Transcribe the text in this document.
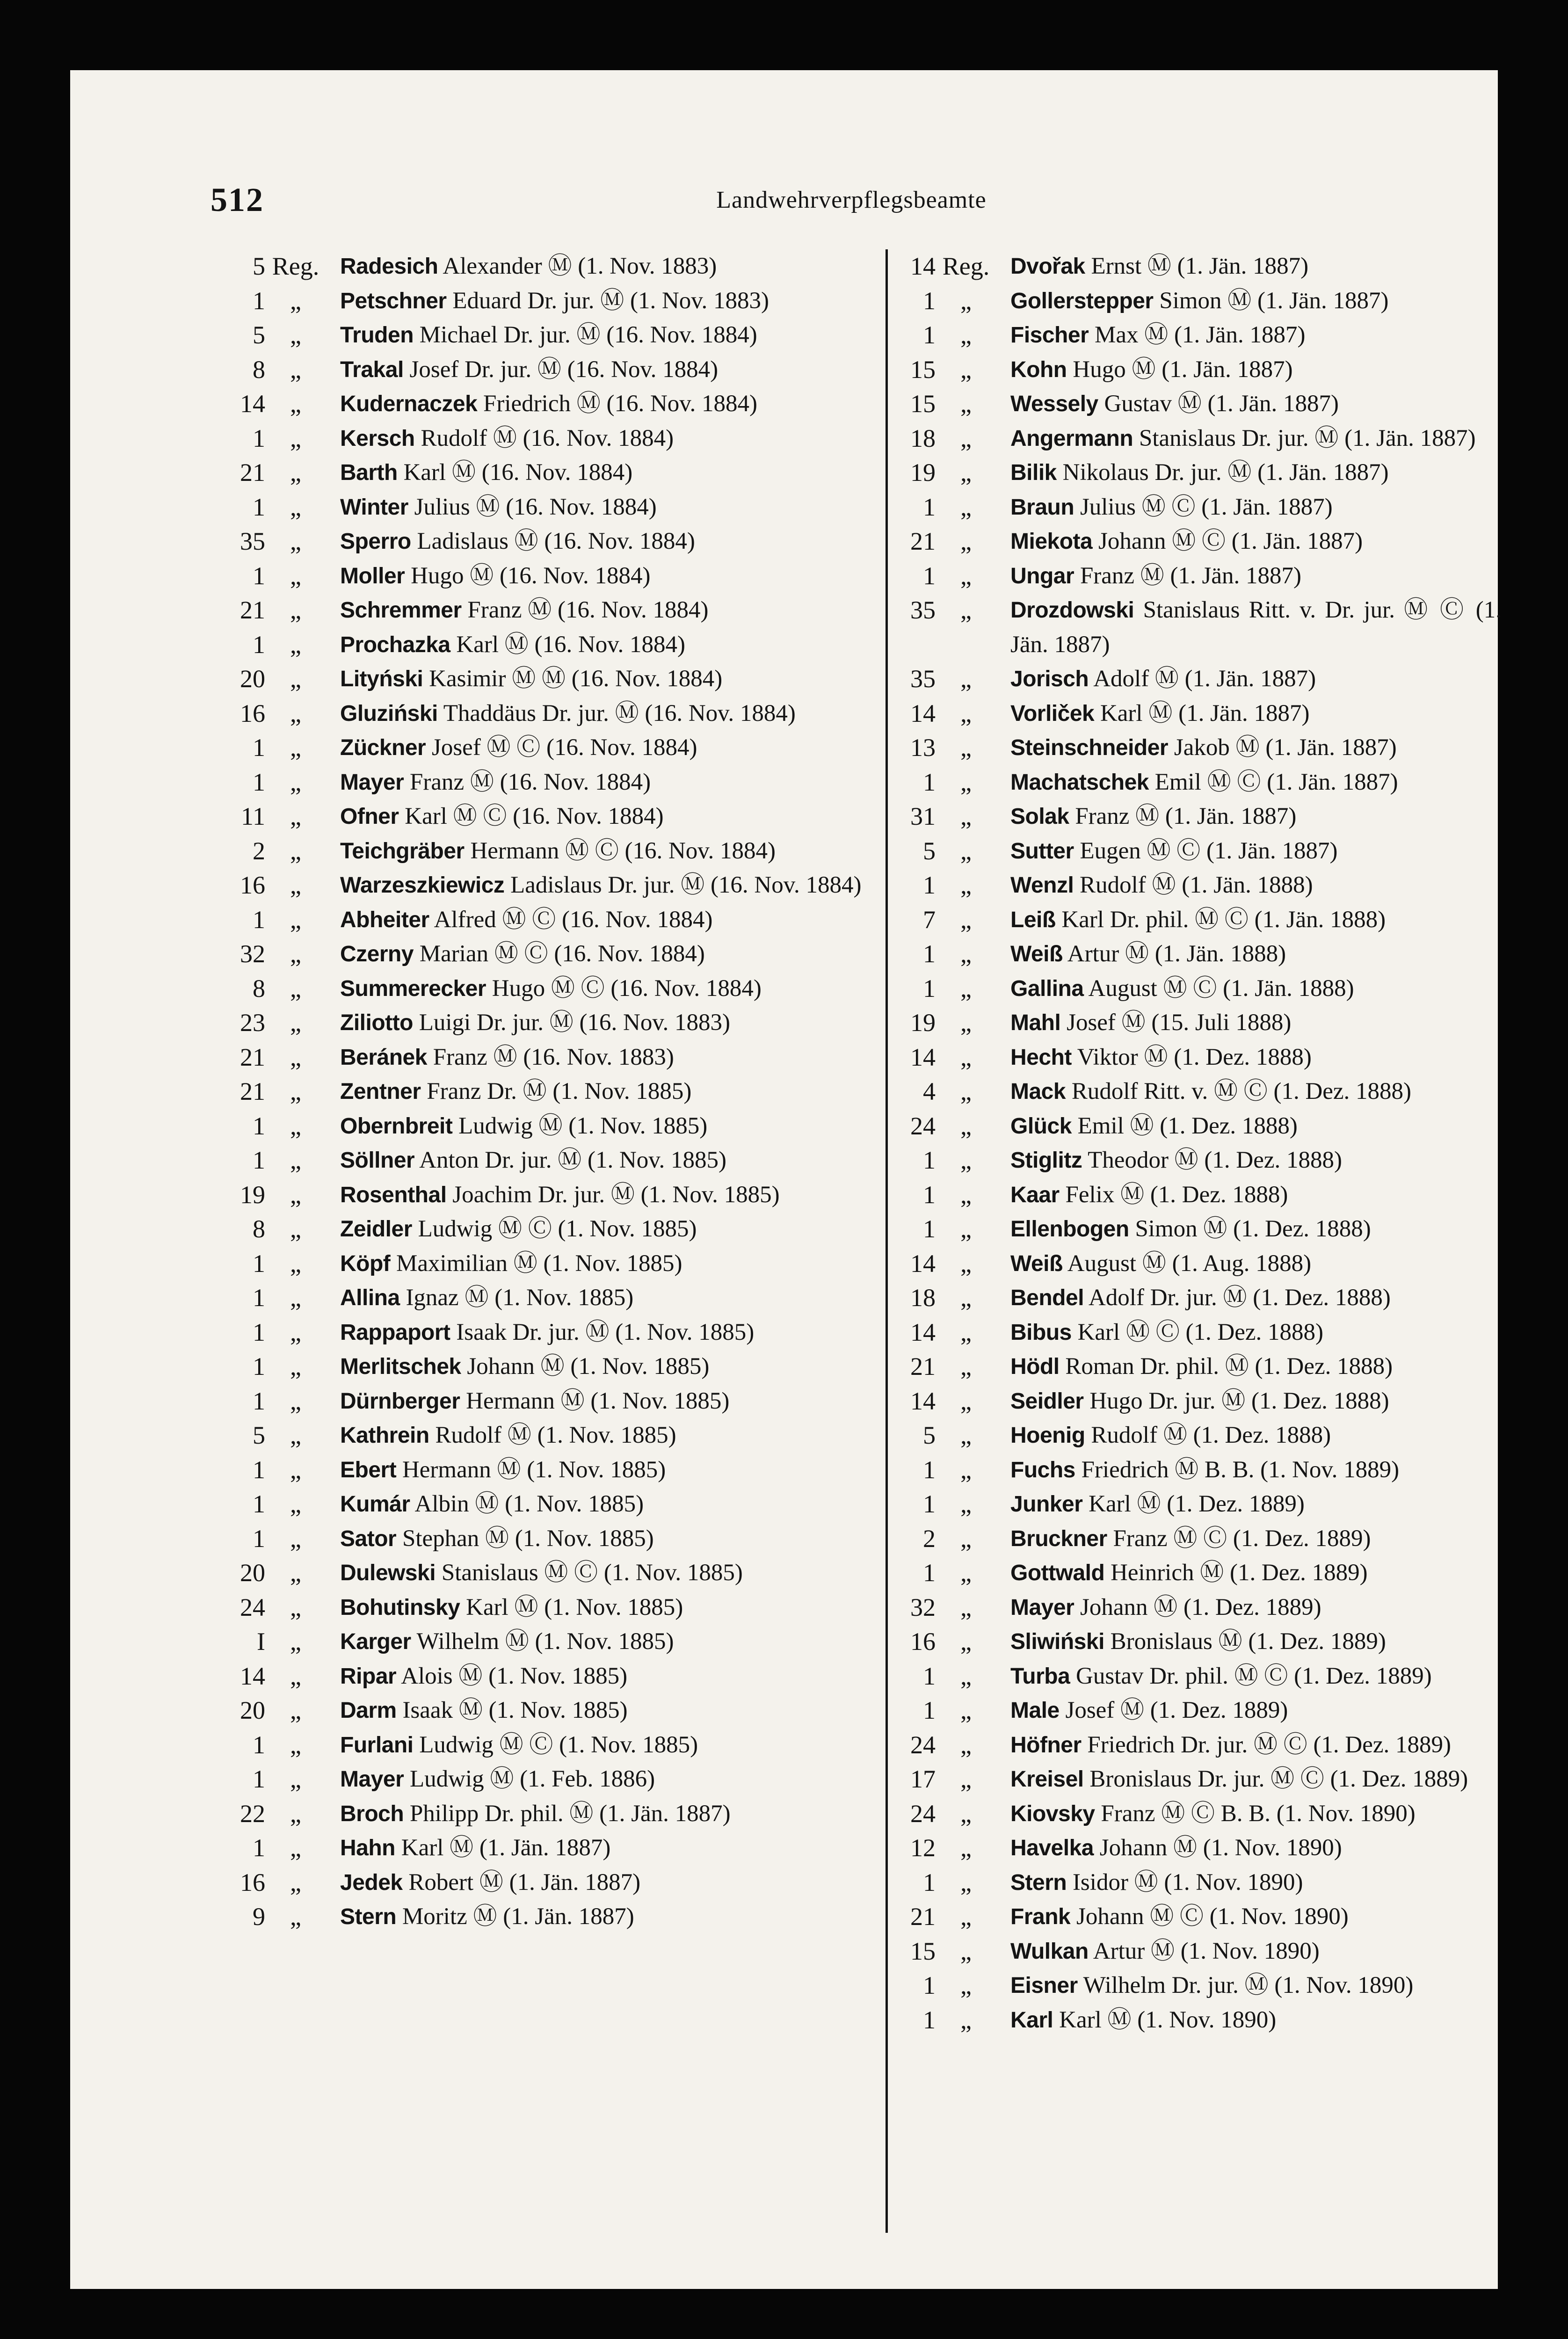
512	Landwehrverpflegsbeamte
5 Reg. Radesich Alexander Ⓜ (1. Nov. 1883)
1 „	Petschner Eduard Dr. jur. Ⓜ (1. Nov. 1883)
5 „	Truden Michael Dr. jur. Ⓜ (16. Nov. 1884)
8 „	Trakal Josef Dr. jur. Ⓜ (16. Nov. 1884)
14 „	Kudernaczek Friedrich Ⓜ (16. Nov. 1884)
1 „	Kersch Rudolf Ⓜ (16. Nov. 1884)
21 „	Barth Karl Ⓜ (16. Nov. 1884)
1 „	Winter Julius Ⓜ (16. Nov. 1884)
35 „	Sperro Ladislaus Ⓜ (16. Nov. 1884)
1 „	Moller Hugo Ⓜ (16. Nov. 1884)
21 „	Schremmer Franz Ⓜ (16. Nov. 1884)
1 „	Prochazka Karl Ⓜ (16. Nov. 1884)
20 „	Lityński Kasimir Ⓜ Ⓜ (16. Nov. 1884)
16 „	Gluziński Thaddäus Dr. jur. Ⓜ (16. Nov. 1884)
1 „	Zückner Josef Ⓜ Ⓒ (16. Nov. 1884)
1 „	Mayer Franz Ⓜ (16. Nov. 1884)
11 „	Ofner Karl Ⓜ Ⓒ (16. Nov. 1884)
2 „	Teichgräber Hermann Ⓜ Ⓒ (16. Nov. 1884)
16 „	Warzeszkiewicz Ladislaus Dr. jur. Ⓜ (16. Nov. 1884)
1 „	Abheiter Alfred Ⓜ Ⓒ (16. Nov. 1884)
32 „	Czerny Marian Ⓜ Ⓒ (16. Nov. 1884)
8 „	Summerecker Hugo Ⓜ Ⓒ (16. Nov. 1884)
23 „	Ziliotto Luigi Dr. jur. Ⓜ (16. Nov. 1883)
21 „	Beránek Franz Ⓜ (16. Nov. 1883)
21 „	Zentner Franz Dr. Ⓜ (1. Nov. 1885)
1 „	Obernbreit Ludwig Ⓜ (1. Nov. 1885)
1 „	Söllner Anton Dr. jur. Ⓜ (1. Nov. 1885)
19 „	Rosenthal Joachim Dr. jur. Ⓜ (1. Nov. 1885)
8 „	Zeidler Ludwig Ⓜ Ⓒ (1. Nov. 1885)
1 „	Köpf Maximilian Ⓜ (1. Nov. 1885)
1 „	Allina Ignaz Ⓜ (1. Nov. 1885)
1 „	Rappaport Isaak Dr. jur. Ⓜ (1. Nov. 1885)
1 „	Merlitschek Johann Ⓜ (1. Nov. 1885)
1 „	Dürnberger Hermann Ⓜ (1. Nov. 1885)
5 „	Kathrein Rudolf Ⓜ (1. Nov. 1885)
1 „	Ebert Hermann Ⓜ (1. Nov. 1885)
1 „	Kumár Albin Ⓜ (1. Nov. 1885)
1 „	Sator Stephan Ⓜ (1. Nov. 1885)
20 „	Dulewski Stanislaus Ⓜ Ⓒ (1. Nov. 1885)
24 „	Bohutinsky Karl Ⓜ (1. Nov. 1885)
I „	Karger Wilhelm Ⓜ (1. Nov. 1885)
14 „	Ripar Alois Ⓜ (1. Nov. 1885)
20 „	Darm Isaak Ⓜ (1. Nov. 1885)
1 „	Furlani Ludwig Ⓜ Ⓒ (1. Nov. 1885)
1 „	Mayer Ludwig Ⓜ (1. Feb. 1886)
22 „	Broch Philipp Dr. phil. Ⓜ (1. Jän. 1887)
1 „	Hahn Karl Ⓜ (1. Jän. 1887)
16 „	Jedek Robert Ⓜ (1. Jän. 1887)
9 „	Stern Moritz Ⓜ (1. Jän. 1887)
14 Reg. Dvořak Ernst Ⓜ (1. Jän. 1887)
1 „	Gollerstepper Simon Ⓜ (1. Jän. 1887)
1 „	Fischer Max Ⓜ (1. Jän. 1887)
15 „	Kohn Hugo Ⓜ (1. Jän. 1887)
15 „	Wessely Gustav Ⓜ (1. Jän. 1887)
18 „	Angermann Stanislaus Dr. jur. Ⓜ (1. Jän. 1887)
19 „	Bilik Nikolaus Dr. jur. Ⓜ (1. Jän. 1887)
1 „	Braun Julius Ⓜ Ⓒ (1. Jän. 1887)
21 „	Miekota Johann Ⓜ Ⓒ (1. Jän. 1887)
1 „	Ungar Franz Ⓜ (1. Jän. 1887)
35 „	Drozdowski Stanislaus Ritt. v. Dr. jur. Ⓜ Ⓒ (1. Jän. 1887)
35 „	Jorisch Adolf Ⓜ (1. Jän. 1887)
14 „	Vorliček Karl Ⓜ (1. Jän. 1887)
13 „	Steinschneider Jakob Ⓜ (1. Jän. 1887)
1 „	Machatschek Emil Ⓜ Ⓒ (1. Jän. 1887)
31 „	Solak Franz Ⓜ (1. Jän. 1887)
5 „	Sutter Eugen Ⓜ Ⓒ (1. Jän. 1887)
1 „	Wenzl Rudolf Ⓜ (1. Jän. 1888)
7 „	Leiß Karl Dr. phil. Ⓜ Ⓒ (1. Jän. 1888)
1 „	Weiß Artur Ⓜ (1. Jän. 1888)
1 „	Gallina August Ⓜ Ⓒ (1. Jän. 1888)
19 „	Mahl Josef Ⓜ (15. Juli 1888)
14 „	Hecht Viktor Ⓜ (1. Dez. 1888)
4 „	Mack Rudolf Ritt. v. Ⓜ Ⓒ (1. Dez. 1888)
24 „	Glück Emil Ⓜ (1. Dez. 1888)
1 „	Stiglitz Theodor Ⓜ (1. Dez. 1888)
1 „	Kaar Felix Ⓜ (1. Dez. 1888)
1 „	Ellenbogen Simon Ⓜ (1. Dez. 1888)
14 „	Weiß August Ⓜ (1. Aug. 1888)
18 „	Bendel Adolf Dr. jur. Ⓜ (1. Dez. 1888)
14 „	Bibus Karl Ⓜ Ⓒ (1. Dez. 1888)
21 „	Hödl Roman Dr. phil. Ⓜ (1. Dez. 1888)
14 „	Seidler Hugo Dr. jur. Ⓜ (1. Dez. 1888)
5 „	Hoenig Rudolf Ⓜ (1. Dez. 1888)
1 „	Fuchs Friedrich Ⓜ B. B. (1. Nov. 1889)
1 „	Junker Karl Ⓜ (1. Dez. 1889)
2 „	Bruckner Franz Ⓜ Ⓒ (1. Dez. 1889)
1 „	Gottwald Heinrich Ⓜ (1. Dez. 1889)
32 „	Mayer Johann Ⓜ (1. Dez. 1889)
16 „	Sliwiński Bronislaus Ⓜ (1. Dez. 1889)
1 „	Turba Gustav Dr. phil. Ⓜ Ⓒ (1. Dez. 1889)
1 „	Male Josef Ⓜ (1. Dez. 1889)
24 „	Höfner Friedrich Dr. jur. Ⓜ Ⓒ (1. Dez. 1889)
17 „	Kreisel Bronislaus Dr. jur. Ⓜ Ⓒ (1. Dez. 1889)
24 „	Kiovsky Franz Ⓜ Ⓒ B. B. (1. Nov. 1890)
12 „	Havelka Johann Ⓜ (1. Nov. 1890)
1 „	Stern Isidor Ⓜ (1. Nov. 1890)
21 „	Frank Johann Ⓜ Ⓒ (1. Nov. 1890)
15 „	Wulkan Artur Ⓜ (1. Nov. 1890)
1 „	Eisner Wilhelm Dr. jur. Ⓜ (1. Nov. 1890)
1 „	Karl Karl Ⓜ (1. Nov. 1890)
